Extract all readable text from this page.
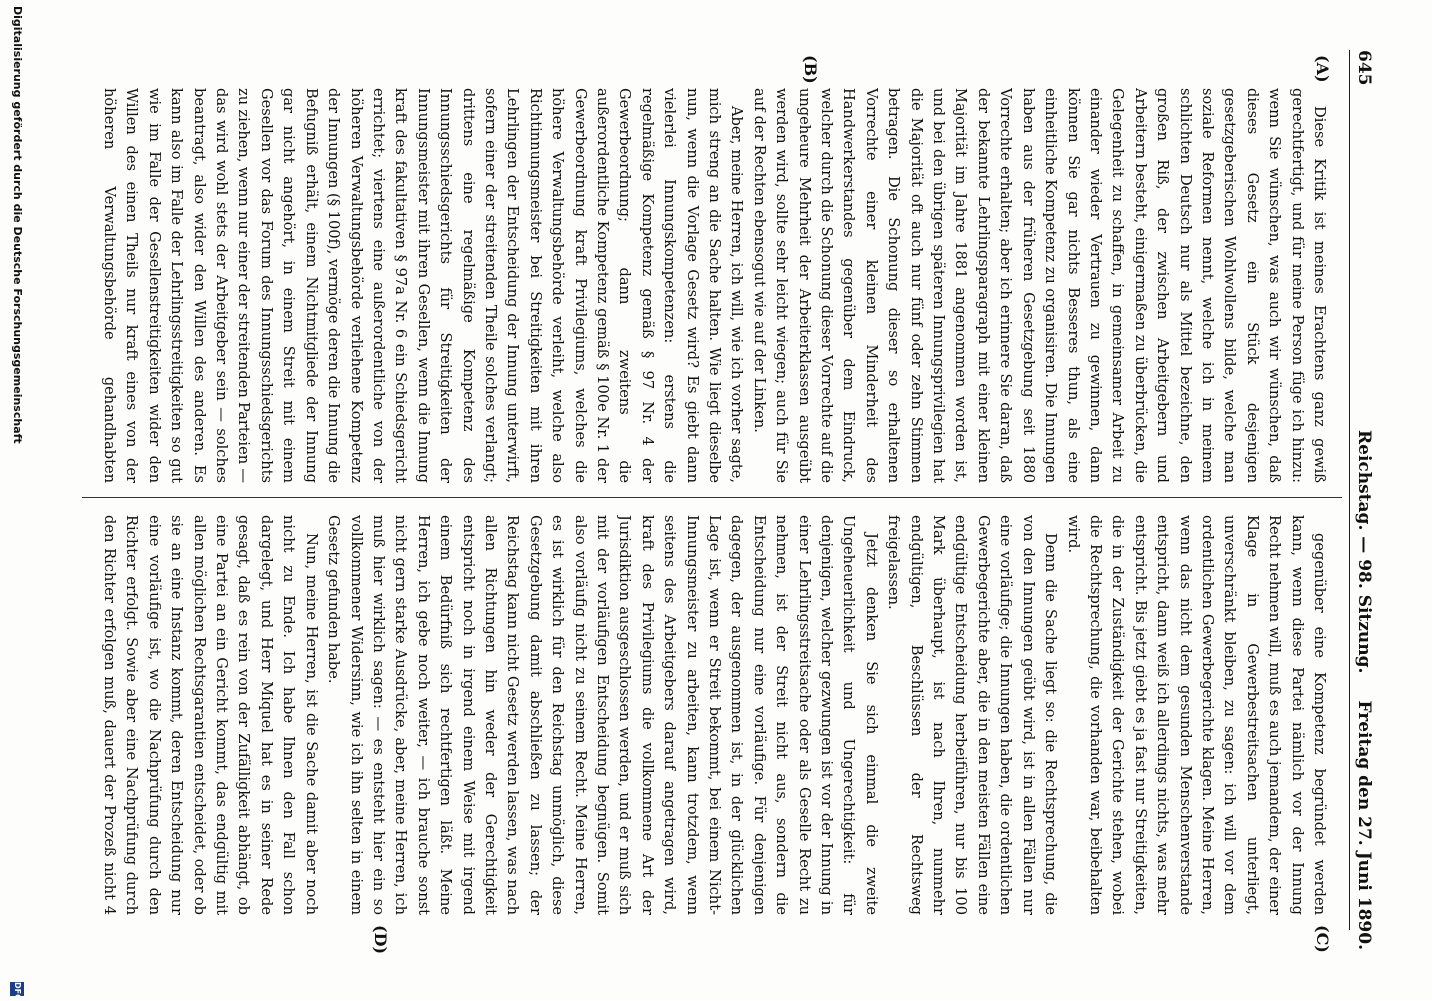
645
Reichstag. — 98. Sitzung.
Freitag den 27. Juni 1890.
(A)
(B)
(C)
(D)

Diese Kritik ist meines Erachtens ganz gewiß gerechtfertigt, und für meine Person füge ich hinzu: wenn Sie wünschen, was auch wir wünschen, daß dieses Gesetz ein Stück desjenigen gesetzgeberischen Wohlwollens bilde, welche man soziale Reformen nennt, welche ich in meinem schlichten Deutsch nur als Mittel bezeichne, den großen Riß, der zwischen Arbeitgebern und Arbeitern besteht, einigermaßen zu überbrücken, die Gelegenheit zu schaffen, in gemeinsamer Arbeit zu einander wieder Vertrauen zu gewinnen, dann können Sie gar nichts Besseres thun, als eine einheitliche Kompetenz zu organisiren. Die Innungen haben aus der früheren Gesetzgebung seit 1880 Vorrechte erhalten; aber ich erinnere Sie daran, daß der bekannte Lehrlingsparagraph mit einer kleinen Majorität im Jahre 1881 angenommen worden ist, und bei den übrigen späteren Innungsprivilegien hat die Majorität oft auch nur fünf oder zehn Stimmen betragen. Die Schonung dieser so erhaltenen Vorrechte einer kleinen Minderheit des Handwerkerstandes gegenüber dem Eindruck, welcher durch die Schonung dieser Vorrechte auf die ungeheure Mehrheit der Arbeiterklassen ausgeübt werden wird, sollte sehr leicht wiegen; auch für Sie auf der Rechten ebensogut wie auf der Linken.

Aber, meine Herren, ich will, wie ich vorher sagte, mich streng an die Sache halten. Wie liegt dieselbe nun, wenn die Vorlage Gesetz wird? Es giebt dann vielerlei Innungskompetenzen: erstens die regelmäßige Kompetenz gemäß § 97 Nr. 4 der Gewerbeordnung; dann zweitens die außerordentliche Kompetenz gemäß § 100e Nr. 1 der Gewerbeordnung kraft Privilegiums, welches die höhere Verwaltungsbehörde verleiht, welche also Richtinnungsmeister bei Streitigkeiten mit ihren Lehrlingen der Entscheidung der Innung unterwirft, sofern einer der streitenden Theile solches verlangt; drittens eine regelmäßige Kompetenz des Innungsschiedsgerichts für Streitigkeiten der Innungsmeister mit ihren Gesellen, wenn die Innung kraft des fakultativen § 97a Nr. 6 ein Schiedsgericht errichtet; viertens eine außerordentliche von der höheren Verwaltungsbehörde verliehene Kompetenz der Innungen (§ 100f), vermöge deren die Innung die Befugniß erhält, einem Nichtmitgliede der Innung gar nicht angehört, in einem Streit mit einem Gesellen vor das Forum des Innungsschiedsgerichts zu ziehen, wenn nur einer der streitenden Parteien — das wird wohl stets der Arbeitgeber sein — solches beantragt, also wider den Willen des anderen. Es kann also im Falle der Lehrlingsstreitigkeiten so gut wie im Falle der Gesellenstreitigkeiten wider den Willen des einen Theils nur kraft eines von der höheren Verwaltungsbehörde gehandhabten

gegenüber eine Kompetenz begründet werden kann, wenn diese Partei nämlich vor der Innung Recht nehmen will, muß es auch jemandem, der einer Klage in Gewerbestreitsachen unterliegt, unverschränkt bleiben, zu sagen: ich will vor dem ordentlichen Gewerbegerichte klagen. Meine Herren, wenn das nicht dem gesunden Menschenverstande entspricht, dann weiß ich allerdings nichts, was mehr entspricht. Bis jetzt giebt es ja fast nur Streitigkeiten, die in der Zuständigkeit der Gerichte stehen, wobei die Rechtsprechung, die vorhanden war, beibehalten wird.

Denn die Sache liegt so: die Rechtsprechung, die von den Innungen geübt wird, ist in allen Fällen nur eine vorläufige; die Innungen haben, die ordentlichen Gewerbegerichte aber, die in den meisten Fällen eine endgültige Entscheidung herbeiführen, nur bis 100 Mark überhaupt, ist nach Ihren, nunmehr endgültigen, Beschlüssen der Rechtsweg freigelassen.

Jetzt denken Sie sich einmal die zweite Ungeheuerlichkeit und Ungerechtigkeit: für denjenigen, welcher gezwungen ist vor der Innung in einer Lehrlingsstreitsache oder als Geselle Recht zu nehmen, ist der Streit nicht aus, sondern die Entscheidung nur eine vorläufige. Für denjenigen dagegen, der ausgenommen ist, in der glücklichen Lage ist, wenn er Streit bekommt, bei einem Nicht-Innungsmeister zu arbeiten, kann trotzdem, wenn seitens des Arbeitgebers darauf angetragen wird, kraft des Privilegiums die vollkommene Art der Jurisdiktion ausgeschlossen werden, und er muß sich mit der vorläufigen Entscheidung begnügen. Somit also vorläufig nicht zu seinem Recht. Meine Herren, es ist wirklich für den Reichstag unmöglich, diese Gesetzgebung damit abschließen zu lassen; der Reichstag kann nicht Gesetz werden lassen, was nach allen Richtungen hin weder der Gerechtigkeit entspricht noch in irgend einem Weise mit irgend einem Bedürfniß sich rechtfertigen läßt. Meine Herren, ich gebe noch weiter, — ich brauche sonst nicht gern starke Ausdrücke, aber, meine Herren, ich muß hier wirklich sagen: — es entsteht hier ein so vollkommener Widersinn, wie ich ihn selten in einem Gesetz gefunden habe.

Nun, meine Herren, ist die Sache damit aber noch nicht zu Ende. Ich habe Ihnen den Fall schon dargelegt, und Herr Miquel hat es in seiner Rede gesagt, daß es rein von der Zufälligkeit abhängt, ob eine Partei an ein Gericht kommt, das endgültig mit allen möglichen Rechtsgarantien entscheidet, oder ob sie an eine Instanz kommt, deren Entscheidung nur eine vorläufige ist, wo die Nachprüfung durch den Richter erfolgt. Sowie aber eine Nachprüfung durch den Richter erfolgen muß, dauert der Prozeß nicht 4

Digitalisierung gefördert durch die Deutsche Forschungsgemeinschaft
DFG
